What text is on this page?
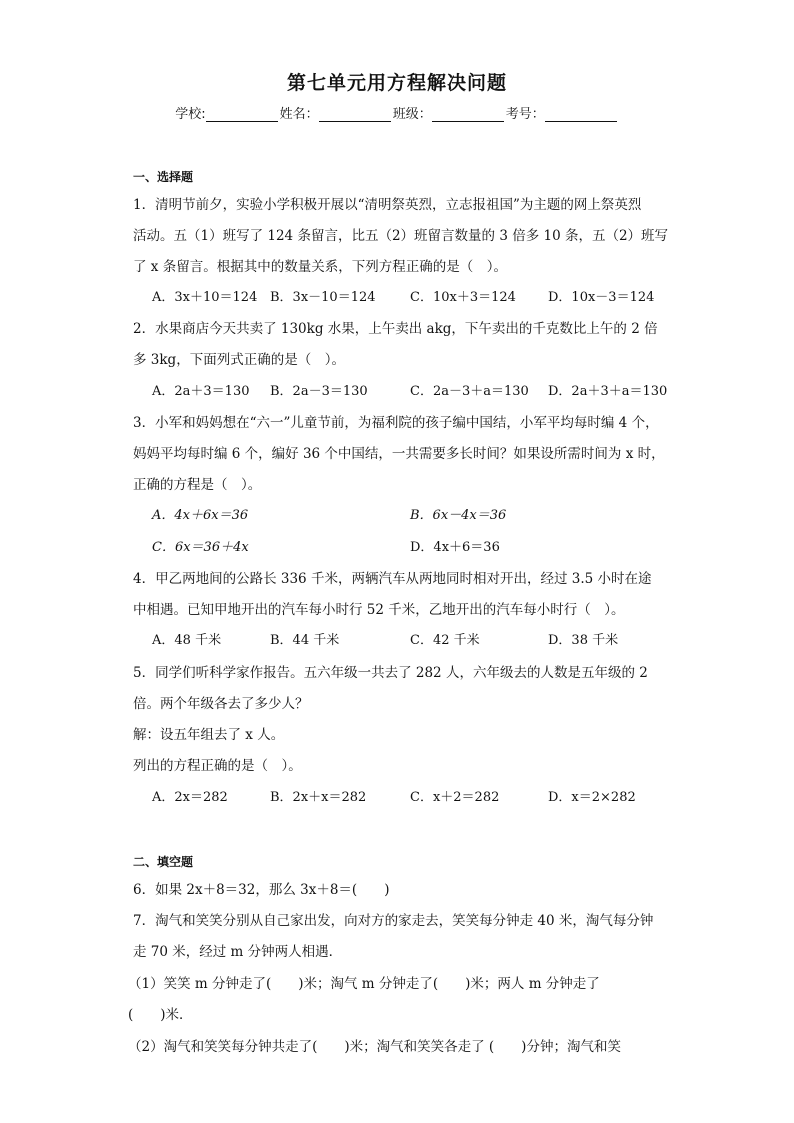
第七单元用方程解决问题
学校:	姓名：	班级：	考号：
一、选择题
1．清明节前夕，实验小学积极开展以“清明祭英烈，立志报祖国”为主题的网上祭英烈
活动。五（1）班写了 124 条留言，比五（2）班留言数量的 3 倍多 10 条，五（2）班写
了 x 条留言。根据其中的数量关系，下列方程正确的是（　）。
A．3x＋10＝124 B．3x－10＝124	C．10x＋3＝124 D．10x－3＝124
2．水果商店今天共卖了 130kg 水果，上午卖出 akg，下午卖出的千克数比上午的 2 倍
多 3kg，下面列式正确的是（　）。
A．2a＋3＝130 B．2a－3＝130	C．2a－3＋a＝130 D．2a＋3＋a＝130
3．小军和妈妈想在“六一”儿童节前，为福利院的孩子编中国结，小军平均每时编 4 个，
妈妈平均每时编 6 个，编好 36 个中国结，一共需要多长时间？如果设所需时间为 x 时，
正确的方程是（　）。
A．4x＋6x＝36	B．6x－4x＝36
C．6x＝36＋4x	D．4x＋6＝36
4．甲乙两地间的公路长 336 千米，两辆汽车从两地同时相对开出，经过 3.5 小时在途
中相遇。已知甲地开出的汽车每小时行 52 千米，乙地开出的汽车每小时行（　）。
A．48 千米	B．44 千米	C．42 千米	D．38 千米
5．同学们听科学家作报告。五六年级一共去了 282 人，六年级去的人数是五年级的 2
倍。两个年级各去了多少人？
解：设五年组去了 x 人。
列出的方程正确的是（　）。
A．2x＝282	B．2x＋x＝282	C．x＋2＝282	D．x＝2×282
二、填空题
6．如果 2x＋8＝32，那么 3x＋8＝(　　)
7．淘气和笑笑分别从自己家出发，向对方的家走去，笑笑每分钟走 40 米，淘气每分钟
走 70 米，经过 m 分钟两人相遇．
（1）笑笑 m 分钟走了(　　)米；淘气 m 分钟走了(　　)米；两人 m 分钟走了
(　　)米．
（2）淘气和笑笑每分钟共走了(　　)米；淘气和笑笑各走了 (　　)分钟；淘气和笑
